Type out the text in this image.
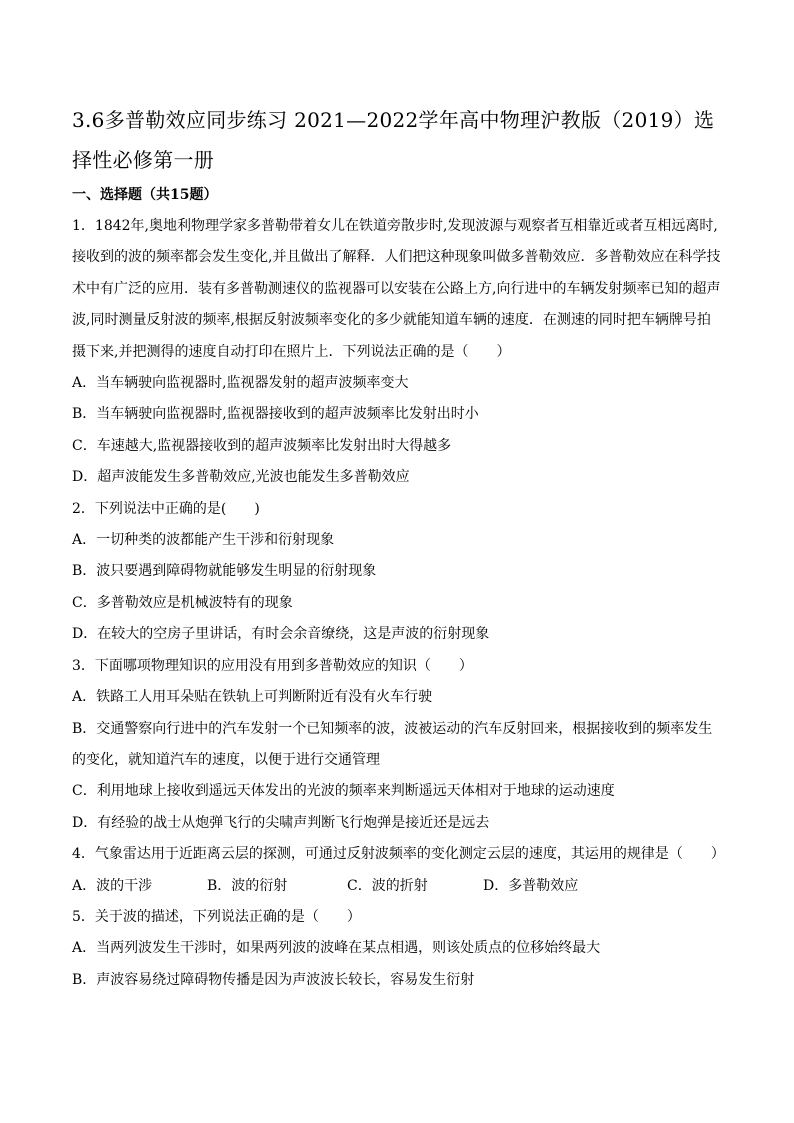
3.6多普勒效应同步练习 2021—2022学年高中物理沪教版（2019）选择性必修第一册
一、选择题（共15题）

1．1842年,奥地利物理学家多普勒带着女儿在铁道旁散步时,发现波源与观察者互相靠近或者互相远离时,接收到的波的频率都会发生变化,并且做出了解释．人们把这种现象叫做多普勒效应．多普勒效应在科学技术中有广泛的应用．装有多普勒测速仪的监视器可以安装在公路上方,向行进中的车辆发射频率已知的超声波,同时测量反射波的频率,根据反射波频率变化的多少就能知道车辆的速度．在测速的同时把车辆牌号拍摄下来,并把测得的速度自动打印在照片上．下列说法正确的是（　　）

A．当车辆驶向监视器时,监视器发射的超声波频率变大

B．当车辆驶向监视器时,监视器接收到的超声波频率比发射出时小

C．车速越大,监视器接收到的超声波频率比发射出时大得越多

D．超声波能发生多普勒效应,光波也能发生多普勒效应

2．下列说法中正确的是(　　)

A．一切种类的波都能产生干涉和衍射现象

B．波只要遇到障碍物就能够发生明显的衍射现象

C．多普勒效应是机械波特有的现象

D．在较大的空房子里讲话，有时会余音缭绕，这是声波的衍射现象

3．下面哪项物理知识的应用没有用到多普勒效应的知识（　　）

A．铁路工人用耳朵贴在铁轨上可判断附近有没有火车行驶

B．交通警察向行进中的汽车发射一个已知频率的波，波被运动的汽车反射回来，根据接收到的频率发生的变化，就知道汽车的速度，以便于进行交通管理

C．利用地球上接收到遥远天体发出的光波的频率来判断遥远天体相对于地球的运动速度

D．有经验的战士从炮弹飞行的尖啸声判断飞行炮弹是接近还是远去

4．气象雷达用于近距离云层的探测，可通过反射波频率的变化测定云层的速度，其运用的规律是（　　）

A．波的干涉	B．波的衍射	C．波的折射	D．多普勒效应

5．关于波的描述，下列说法正确的是（　　）

A．当两列波发生干涉时，如果两列波的波峰在某点相遇，则该处质点的位移始终最大

B．声波容易绕过障碍物传播是因为声波波长较长，容易发生衍射
